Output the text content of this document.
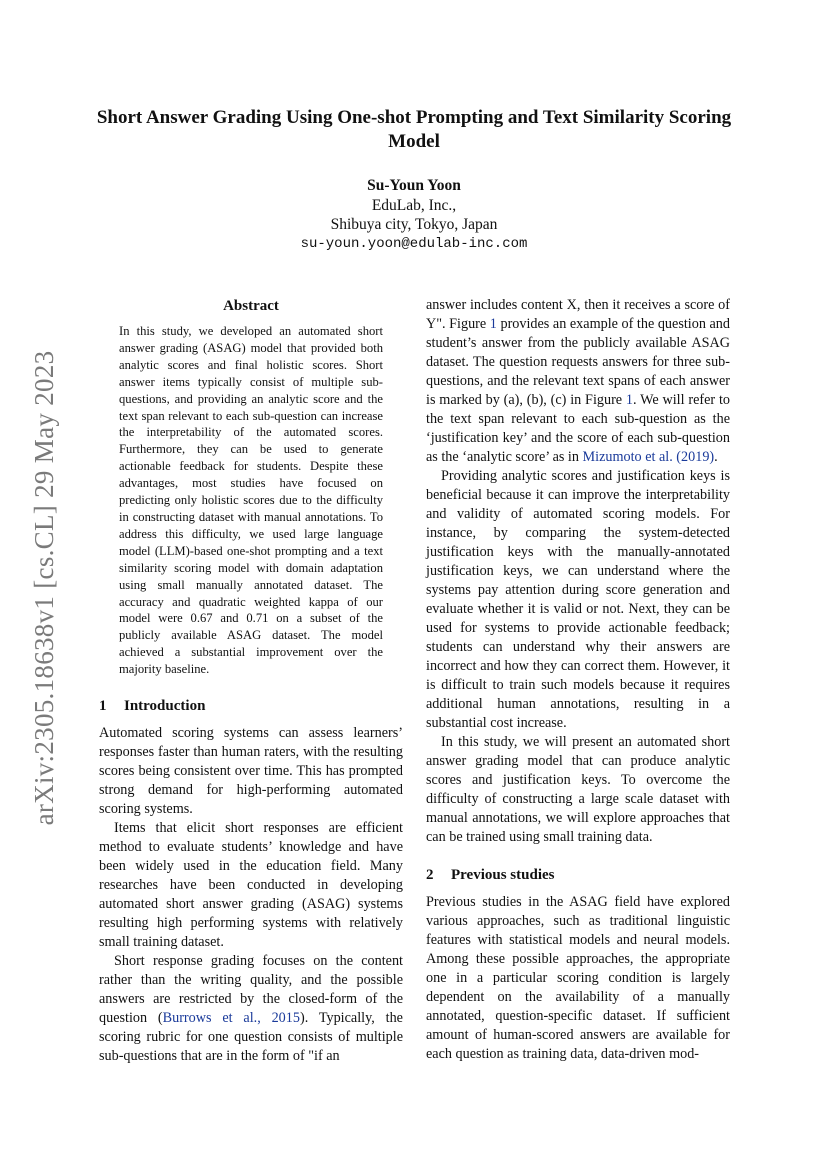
Short Answer Grading Using One-shot Prompting and Text Similarity Scoring Model
Su-Youn Yoon
EduLab, Inc.,
Shibuya city, Tokyo, Japan
su-youn.yoon@edulab-inc.com
arXiv:2305.18638v1 [cs.CL] 29 May 2023
Abstract

In this study, we developed an automated short answer grading (ASAG) model that provided both analytic scores and final holistic scores. Short answer items typically consist of multiple sub-questions, and providing an analytic score and the text span relevant to each sub-question can increase the interpretability of the automated scores. Furthermore, they can be used to generate actionable feedback for students. Despite these advantages, most studies have focused on predicting only holistic scores due to the difficulty in constructing dataset with manual annotations. To address this difficulty, we used large language model (LLM)-based one-shot prompting and a text similarity scoring model with domain adaptation using small manually annotated dataset. The accuracy and quadratic weighted kappa of our model were 0.67 and 0.71 on a subset of the publicly available ASAG dataset. The model achieved a substantial improvement over the majority baseline.

1 Introduction

Automated scoring systems can assess learners’ responses faster than human raters, with the resulting scores being consistent over time. This has prompted strong demand for high-performing automated scoring systems.

Items that elicit short responses are efficient method to evaluate students’ knowledge and have been widely used in the education field. Many researches have been conducted in developing automated short answer grading (ASAG) systems resulting high performing systems with relatively small training dataset.

Short response grading focuses on the content rather than the writing quality, and the possible answers are restricted by the closed-form of the question (Burrows et al., 2015). Typically, the scoring rubric for one question consists of multiple sub-questions that are in the form of "if an

answer includes content X, then it receives a score of Y". Figure 1 provides an example of the question and student’s answer from the publicly available ASAG dataset. The question requests answers for three sub-questions, and the relevant text spans of each answer is marked by (a), (b), (c) in Figure 1. We will refer to the text span relevant to each sub-question as the ‘justification key’ and the score of each sub-question as the ‘analytic score’ as in Mizumoto et al. (2019).

Providing analytic scores and justification keys is beneficial because it can improve the interpretability and validity of automated scoring models. For instance, by comparing the system-detected justification keys with the manually-annotated justification keys, we can understand where the systems pay attention during score generation and evaluate whether it is valid or not. Next, they can be used for systems to provide actionable feedback; students can understand why their answers are incorrect and how they can correct them. However, it is difficult to train such models because it requires additional human annotations, resulting in a substantial cost increase.

In this study, we will present an automated short answer grading model that can produce analytic scores and justification keys. To overcome the difficulty of constructing a large scale dataset with manual annotations, we will explore approaches that can be trained using small training data.

2 Previous studies

Previous studies in the ASAG field have explored various approaches, such as traditional linguistic features with statistical models and neural models. Among these possible approaches, the appropriate one in a particular scoring condition is largely dependent on the availability of a manually annotated, question-specific dataset. If sufficient amount of human-scored answers are available for each question as training data, data-driven mod-
